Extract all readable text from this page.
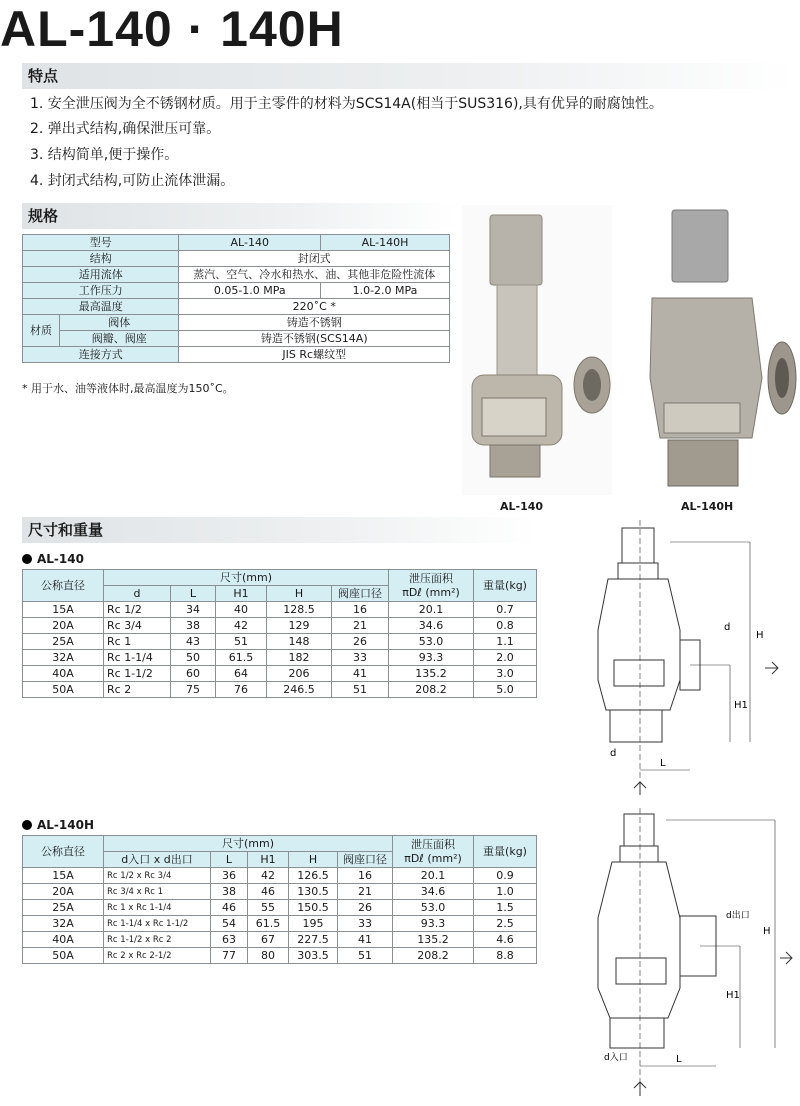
AL-140 · 140H
特点
1. 安全泄压阀为全不锈钢材质。用于主零件的材料为SCS14A(相当于SUS316),具有优异的耐腐蚀性。
2. 弹出式结构,确保泄压可靠。
3. 结构简单,便于操作。
4. 封闭式结构,可防止流体泄漏。
规格
型号		AL-140	AL-140H
结构		封闭式	
适用流体		蒸汽、空气、冷水和热水、油、其他非危险性流体	
工作压力		0.05-1.0 MPa	1.0-2.0 MPa
最高温度		220˚C *	
材质	阀体	铸造不锈钢	
	阀瓣、阀座	铸造不锈钢(SCS14A)	
连接方式		JIS Rc螺纹型	
* 用于水、油等液体时,最高温度为150˚C。
AL-140	AL-140H
尺寸和重量
AL-140
公称直径	尺寸(mm)					泄压面积
πDℓ (mm²)	重量(kg)
	d	L	H1	H	阀座口径		
15A	Rc 1/2	34	40	128.5	16	20.1	0.7
20A	Rc 3/4	38	42	129	21	34.6	0.8
25A	Rc 1	43	51	148	26	53.0	1.1
32A	Rc 1-1/4	50	61.5	182	33	93.3	2.0
40A	Rc 1-1/2	60	64	206	41	135.2	3.0
50A	Rc 2	75	76	246.5	51	208.2	5.0
AL-140H
公称直径	尺寸(mm)					泄压面积
πDℓ (mm²)	重量(kg)
	d入口 x d出口	L	H1	H	阀座口径		
15A	Rc 1/2 x Rc 3/4	36	42	126.5	16	20.1	0.9
20A	Rc 3/4 x Rc 1	38	46	130.5	21	34.6	1.0
25A	Rc 1 x Rc 1-1/4	46	55	150.5	26	53.0	1.5
32A	Rc 1-1/4 x Rc 1-1/2	54	61.5	195	33	93.3	2.5
40A	Rc 1-1/2 x Rc 2	63	67	227.5	41	135.2	4.6
50A	Rc 2 x Rc 2-1/2	77	80	303.5	51	208.2	8.8
H
H1
L
d
d
H
H1
L
d出口
d入口
